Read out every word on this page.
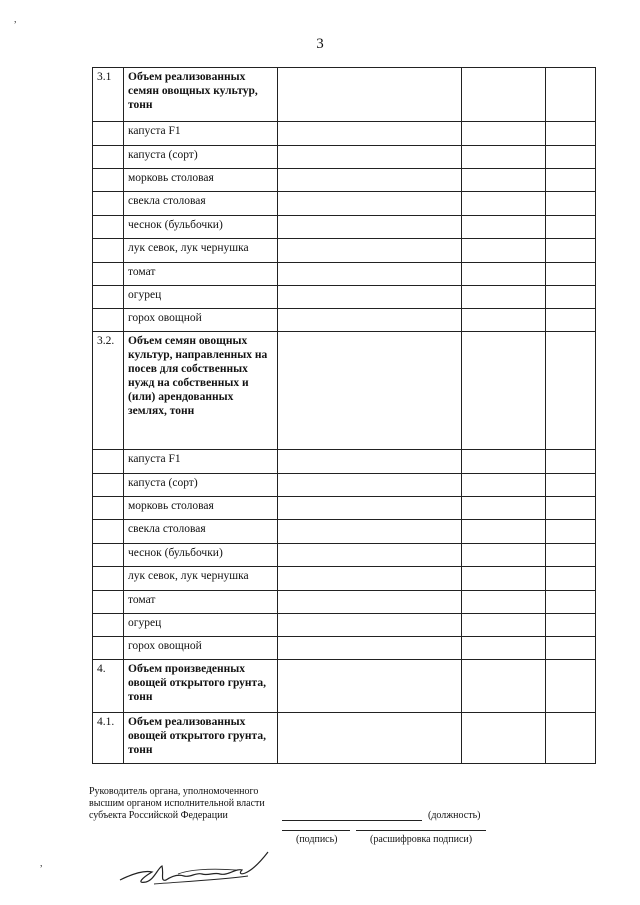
3
,
,
3.1	Объем реализованных семян овощных культур, тонн			
	капуста F1			
	капуста (сорт)			
	морковь столовая			
	свекла столовая			
	чеснок (бульбочки)			
	лук севок, лук чернушка			
	томат			
	огурец			
	горох овощной			
3.2.	Объем семян овощных культур, направленных на посев для собственных нужд на собственных и (или) арендованных землях, тонн			
	капуста F1			
	капуста (сорт)			
	морковь столовая			
	свекла столовая			
	чеснок (бульбочки)			
	лук севок, лук чернушка			
	томат			
	огурец			
	горох овощной			
4.	Объем произведенных овощей открытого грунта, тонн			
4.1.	Объем реализованных овощей открытого грунта, тонн			
Руководитель органа, уполномоченного
высшим органом исполнительной власти
субъекта Российской Федерации	(должность)
(подпись)	(расшифровка подписи)
